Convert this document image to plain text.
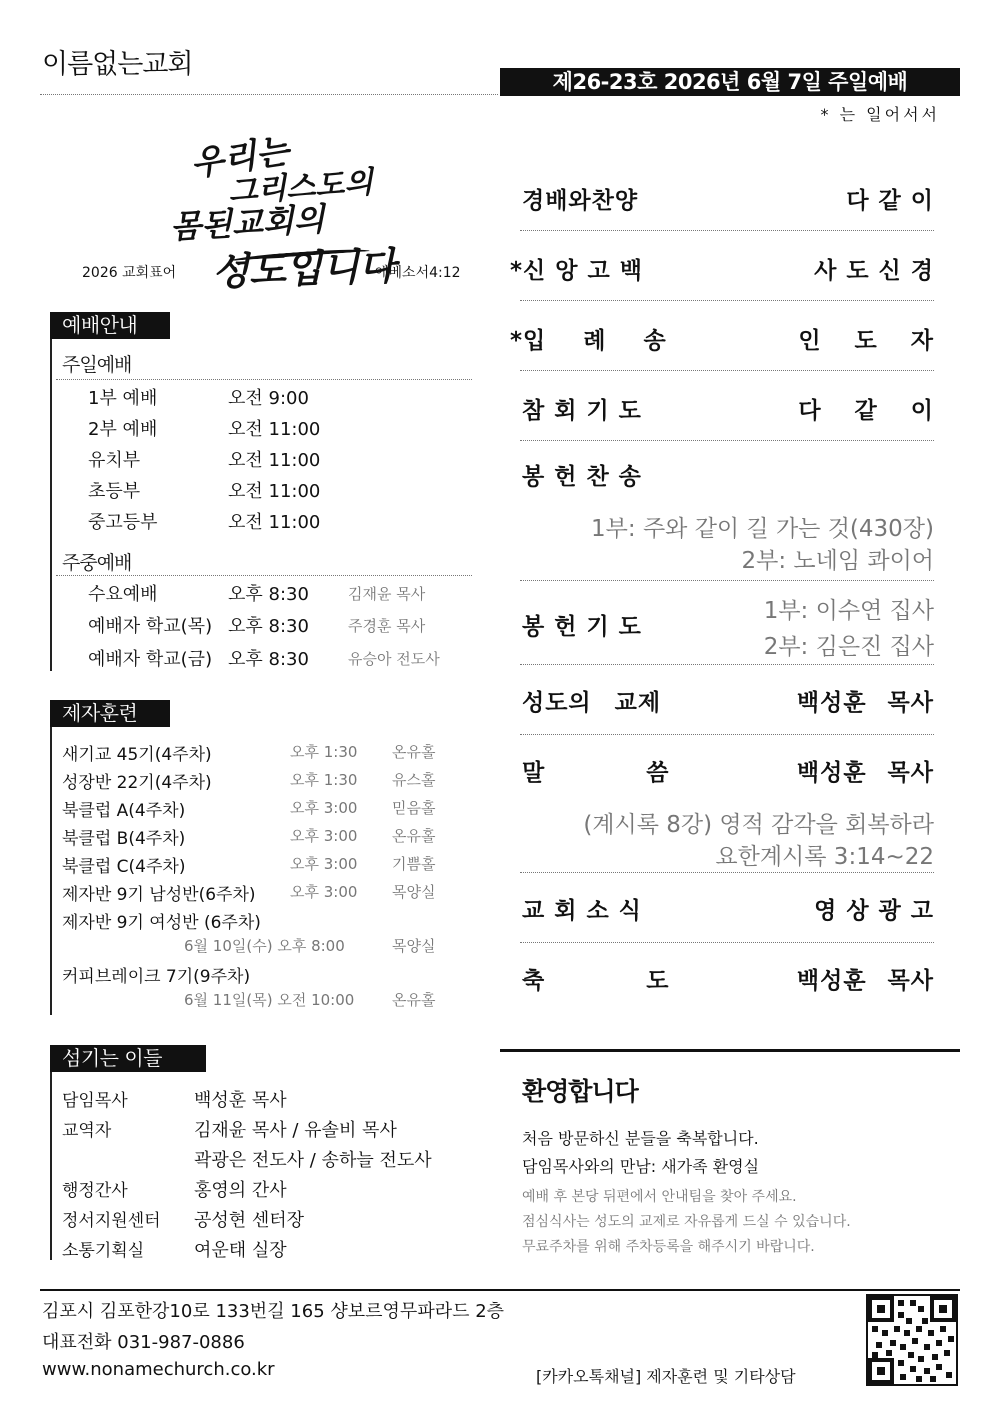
이름없는교회
제26-23호 2026년 6월 7일 주일예배
* 는 일어서서
우리는
그리스도의
몸된교회의
성도입니다
2026 교회표어	에베소서4:12
예배안내
주일예배
1부 예배	오전 9:00
2부 예배	오전 11:00
유치부	오전 11:00
초등부	오전 11:00
중고등부	오전 11:00
주중예배
수요예배	오후 8:30	김재윤 목사
예배자 학교(목) 오후 8:30	주경훈 목사
예배자 학교(금) 오후 8:30	유승아 전도사
제자훈련
새기교 45기(4주차)	오후 1:30 온유홀
성장반 22기(4주차)	오후 1:30 유스홀
북클럽 A(4주차)	오후 3:00 믿음홀
북클럽 B(4주차)	오후 3:00 온유홀
북클럽 C(4주차)	오후 3:00 기쁨홀
제자반 9기 남성반(6주차) 오후 3:00 목양실
제자반 9기 여성반 (6주차)
6월 10일(수) 오후 8:00	목양실
커피브레이크 7기(9주차)
6월 11일(목) 오전 10:00	온유홀
섬기는 이들
담임목사	백성훈 목사
교역자	김재윤 목사 / 유솔비 목사
곽광은 전도사 / 송하늘 전도사
행정간사	홍영의 간사
정서지원센터 공성현 센터장
소통기획실	여운태 실장
경배와찬양	다 같 이
*신 앙 고 백	사 도 신 경
*입 례 송	인 도 자
참 회 기 도	다 같 이
봉 헌 찬 송
1부: 주와 같이 길 가는 것(430장)
2부: 노네임 콰이어
봉 헌 기 도
1부: 이수연 집사
2부: 김은진 집사
성도의 교제	백성훈 목사
말 씀	백성훈 목사
(계시록 8강) 영적 감각을 회복하라
요한계시록 3:14~22
교 회 소 식	영 상 광 고
축 도	백성훈 목사
환영합니다
처음 방문하신 분들을 축복합니다.
담임목사와의 만남: 새가족 환영실
예배 후 본당 뒤편에서 안내팀을 찾아 주세요.
점심식사는 성도의 교제로 자유롭게 드실 수 있습니다.
무료주차를 위해 주차등록을 해주시기 바랍니다.
김포시 김포한강10로 133번길 165 샹보르영무파라드 2층
대표전화 031-987-0886
www.nonamechurch.co.kr	[카카오톡채널] 제자훈련 및 기타상담
